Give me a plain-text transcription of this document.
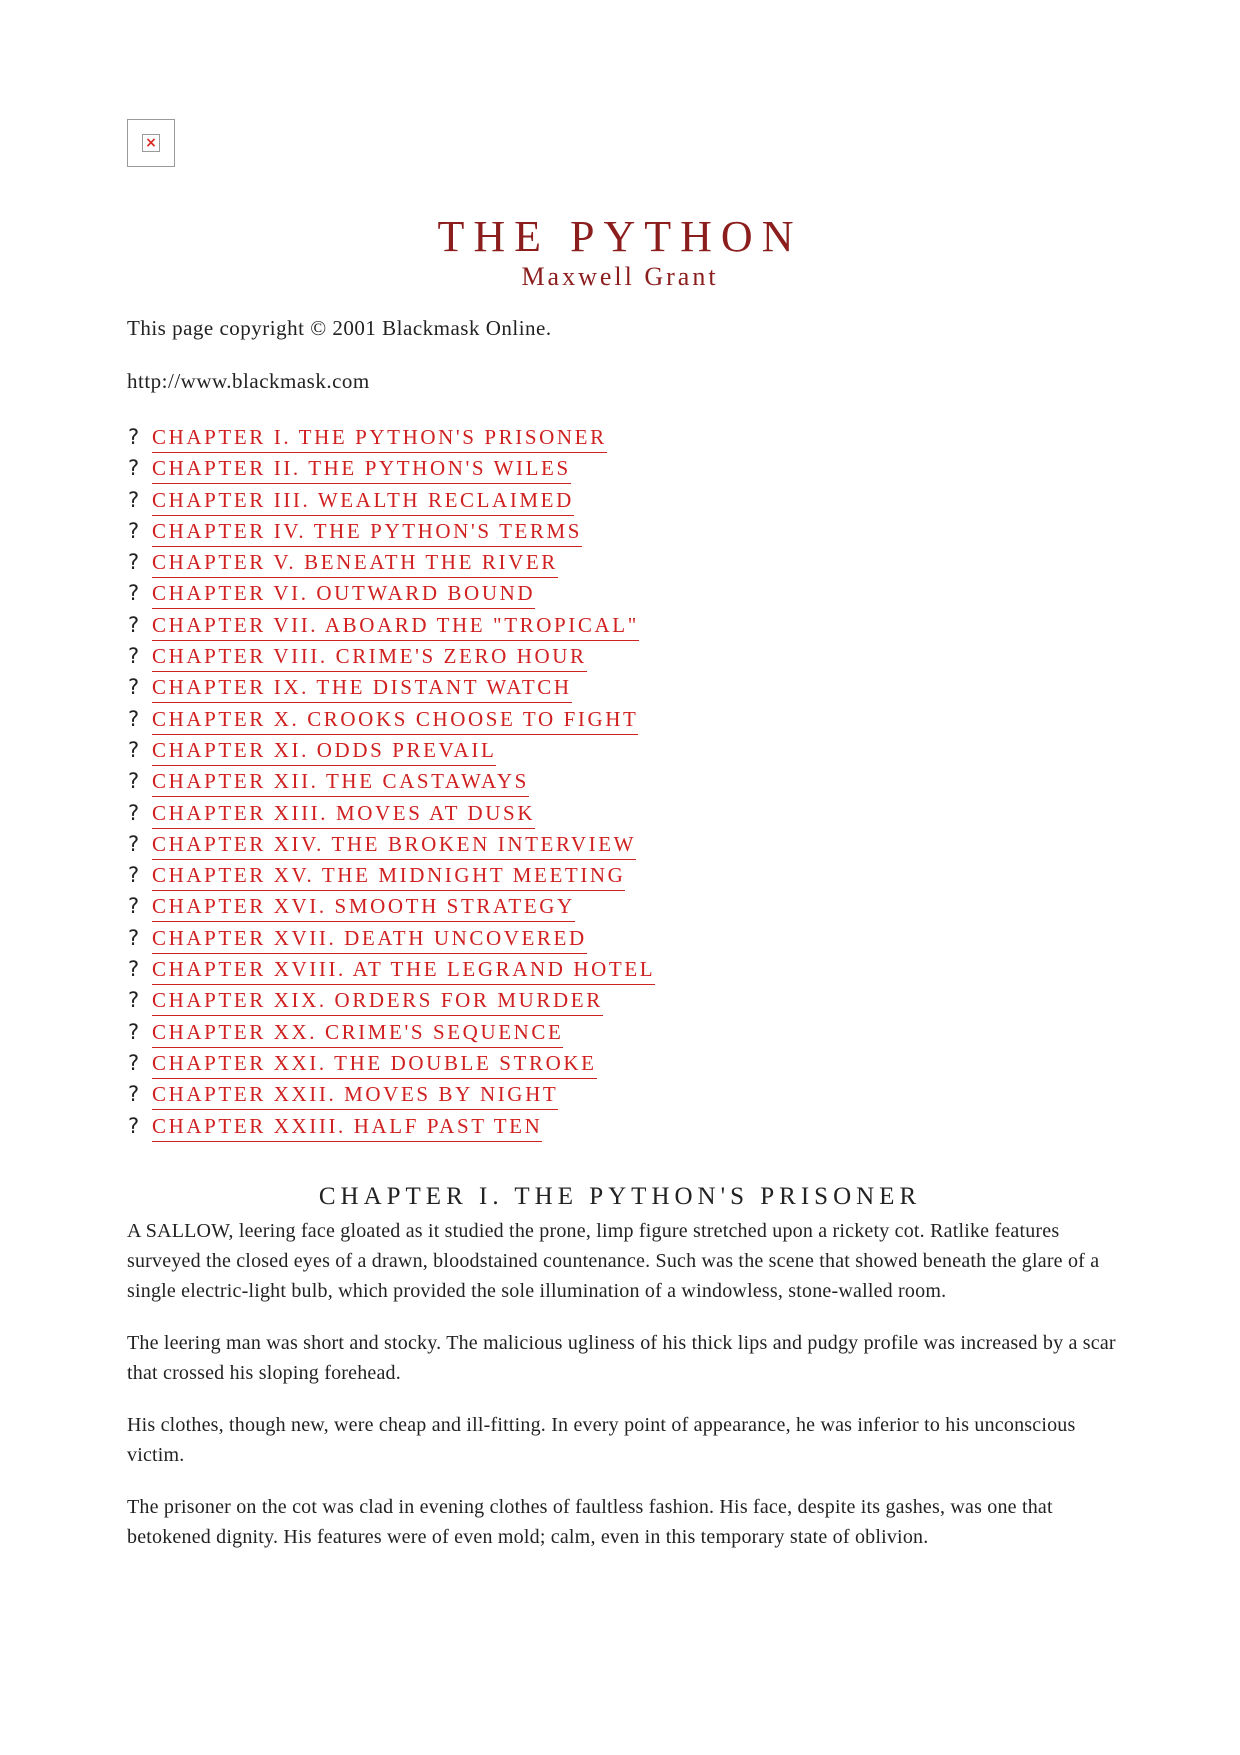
×
THE PYTHON
Maxwell Grant
This page copyright © 2001 Blackmask Online.
http://www.blackmask.com
? CHAPTER I. THE PYTHON'S PRISONER
? CHAPTER II. THE PYTHON'S WILES
? CHAPTER III. WEALTH RECLAIMED
? CHAPTER IV. THE PYTHON'S TERMS
? CHAPTER V. BENEATH THE RIVER
? CHAPTER VI. OUTWARD BOUND
? CHAPTER VII. ABOARD THE "TROPICAL"
? CHAPTER VIII. CRIME'S ZERO HOUR
? CHAPTER IX. THE DISTANT WATCH
? CHAPTER X. CROOKS CHOOSE TO FIGHT
? CHAPTER XI. ODDS PREVAIL
? CHAPTER XII. THE CASTAWAYS
? CHAPTER XIII. MOVES AT DUSK
? CHAPTER XIV. THE BROKEN INTERVIEW
? CHAPTER XV. THE MIDNIGHT MEETING
? CHAPTER XVI. SMOOTH STRATEGY
? CHAPTER XVII. DEATH UNCOVERED
? CHAPTER XVIII. AT THE LEGRAND HOTEL
? CHAPTER XIX. ORDERS FOR MURDER
? CHAPTER XX. CRIME'S SEQUENCE
? CHAPTER XXI. THE DOUBLE STROKE
? CHAPTER XXII. MOVES BY NIGHT
? CHAPTER XXIII. HALF PAST TEN
CHAPTER I. THE PYTHON'S PRISONER

A SALLOW, leering face gloated as it studied the prone, limp figure stretched upon a rickety cot. Ratlike features surveyed the closed eyes of a drawn, bloodstained countenance. Such was the scene that showed beneath the glare of a single electric-light bulb, which provided the sole illumination of a windowless, stone-walled room.

The leering man was short and stocky. The malicious ugliness of his thick lips and pudgy profile was increased by a scar that crossed his sloping forehead.

His clothes, though new, were cheap and ill-fitting. In every point of appearance, he was inferior to his unconscious victim.

The prisoner on the cot was clad in evening clothes of faultless fashion. His face, despite its gashes, was one that betokened dignity. His features were of even mold; calm, even in this temporary state of oblivion.
